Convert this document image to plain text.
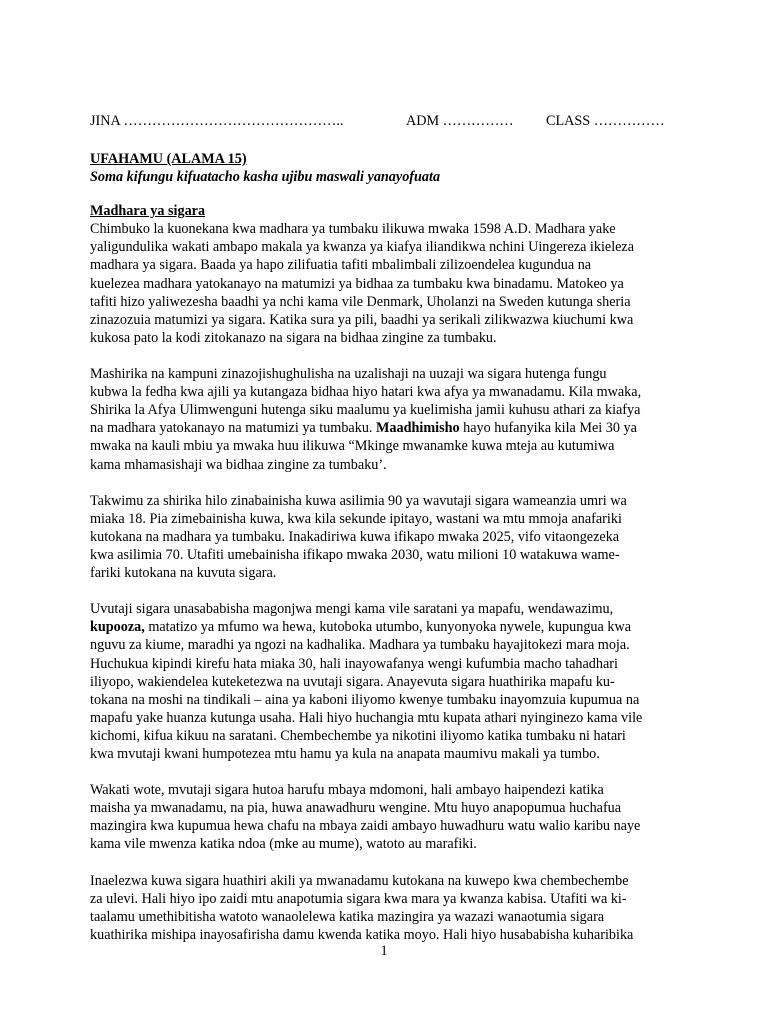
JINA ………………………………………..	ADM …………… CLASS ……………
UFAHAMU (ALAMA 15)
Soma kifungu kifuatacho kasha ujibu maswali yanayofuata
Madhara ya sigara

Chimbuko la kuonekana kwa madhara ya tumbaku ilikuwa mwaka 1598 A.D. Madhara yake
yaligundulika wakati ambapo makala ya kwanza ya kiafya iliandikwa nchini Uingereza ikieleza
madhara ya sigara. Baada ya hapo zilifuatia tafiti mbalimbali zilizoendelea kugundua na
kuelezea madhara yatokanayo na matumizi ya bidhaa za tumbaku kwa binadamu. Matokeo ya
tafiti hizo yaliwezesha baadhi ya nchi kama vile Denmark, Uholanzi na Sweden kutunga sheria
zinazozuia matumizi ya sigara. Katika sura ya pili, baadhi ya serikali zilikwazwa kiuchumi kwa
kukosa pato la kodi zitokanazo na sigara na bidhaa zingine za tumbaku.

Mashirika na kampuni zinazojishughulisha na uzalishaji na uuzaji wa sigara hutenga fungu
kubwa la fedha kwa ajili ya kutangaza bidhaa hiyo hatari kwa afya ya mwanadamu. Kila mwaka,
Shirika la Afya Ulimwenguni hutenga siku maalumu ya kuelimisha jamii kuhusu athari za kiafya
na madhara yatokanayo na matumizi ya tumbaku. Maadhimisho hayo hufanyika kila Mei 30 ya
mwaka na kauli mbiu ya mwaka huu ilikuwa “Mkinge mwanamke kuwa mteja au kutumiwa
kama mhamasishaji wa bidhaa zingine za tumbaku’.

Takwimu za shirika hilo zinabainisha kuwa asilimia 90 ya wavutaji sigara wameanzia umri wa
miaka 18. Pia zimebainisha kuwa, kwa kila sekunde ipitayo, wastani wa mtu mmoja anafariki
kutokana na madhara ya tumbaku. Inakadiriwa kuwa ifikapo mwaka 2025, vifo vitaongezeka
kwa asilimia 70. Utafiti umebainisha ifikapo mwaka 2030, watu milioni 10 watakuwa wame-
fariki kutokana na kuvuta sigara.

Uvutaji sigara unasababisha magonjwa mengi kama vile saratani ya mapafu, wendawazimu,
kupooza, matatizo ya mfumo wa hewa, kutoboka utumbo, kunyonyoka nywele, kupungua kwa
nguvu za kiume, maradhi ya ngozi na kadhalika. Madhara ya tumbaku hayajitokezi mara moja.
Huchukua kipindi kirefu hata miaka 30, hali inayowafanya wengi kufumbia macho tahadhari
iliyopo, wakiendelea kuteketezwa na uvutaji sigara. Anayevuta sigara huathirika mapafu ku-
tokana na moshi na tindikali – aina ya kaboni iliyomo kwenye tumbaku inayomzuia kupumua na
mapafu yake huanza kutunga usaha. Hali hiyo huchangia mtu kupata athari nyinginezo kama vile
kichomi, kifua kikuu na saratani. Chembechembe ya nikotini iliyomo katika tumbaku ni hatari
kwa mvutaji kwani humpotezea mtu hamu ya kula na anapata maumivu makali ya tumbo.

Wakati wote, mvutaji sigara hutoa harufu mbaya mdomoni, hali ambayo haipendezi katika
maisha ya mwanadamu, na pia, huwa anawadhuru wengine. Mtu huyo anapopumua huchafua
mazingira kwa kupumua hewa chafu na mbaya zaidi ambayo huwadhuru watu walio karibu naye
kama vile mwenza katika ndoa (mke au mume), watoto au marafiki.

Inaelezwa kuwa sigara huathiri akili ya mwanadamu kutokana na kuwepo kwa chembechembe
za ulevi. Hali hiyo ipo zaidi mtu anapotumia sigara kwa mara ya kwanza kabisa. Utafiti wa ki-
taalamu umethibitisha watoto wanaolelewa katika mazingira ya wazazi wanaotumia sigara
kuathirika mishipa inayosafirisha damu kwenda katika moyo. Hali hiyo husababisha kuharibika

1
